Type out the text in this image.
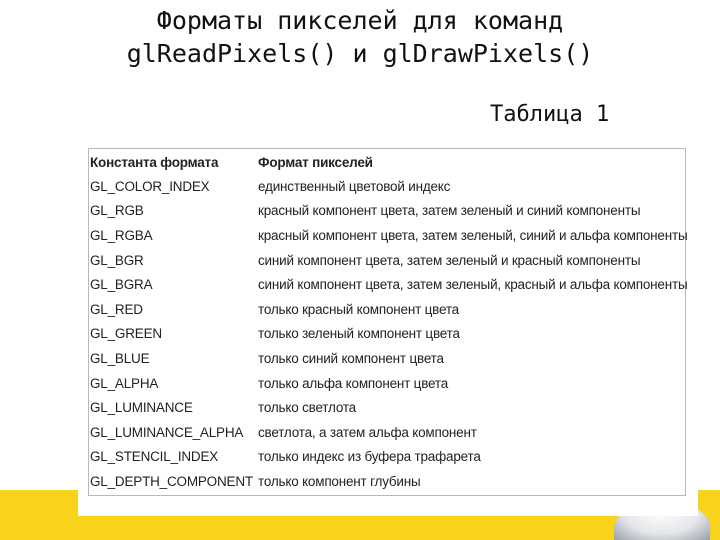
Форматы пикселей для команд
glReadPixels() и glDrawPixels()
Таблица 1
Константа формата	Формат пикселей
GL_COLOR_INDEX	единственный цветовой индекс
GL_RGB	красный компонент цвета, затем зеленый и синий компоненты
GL_RGBA	красный компонент цвета, затем зеленый, синий и альфа компоненты
GL_BGR	синий компонент цвета, затем зеленый и красный компоненты
GL_BGRA	синий компонент цвета, затем зеленый, красный и альфа компоненты
GL_RED	только красный компонент цвета
GL_GREEN	только зеленый компонент цвета
GL_BLUE	только синий компонент цвета
GL_ALPHA	только альфа компонент цвета
GL_LUMINANCE	только светлота
GL_LUMINANCE_ALPHA	светлота, а затем альфа компонент
GL_STENCIL_INDEX	только индекс из буфера трафарета
GL_DEPTH_COMPONENT	только компонент глубины
